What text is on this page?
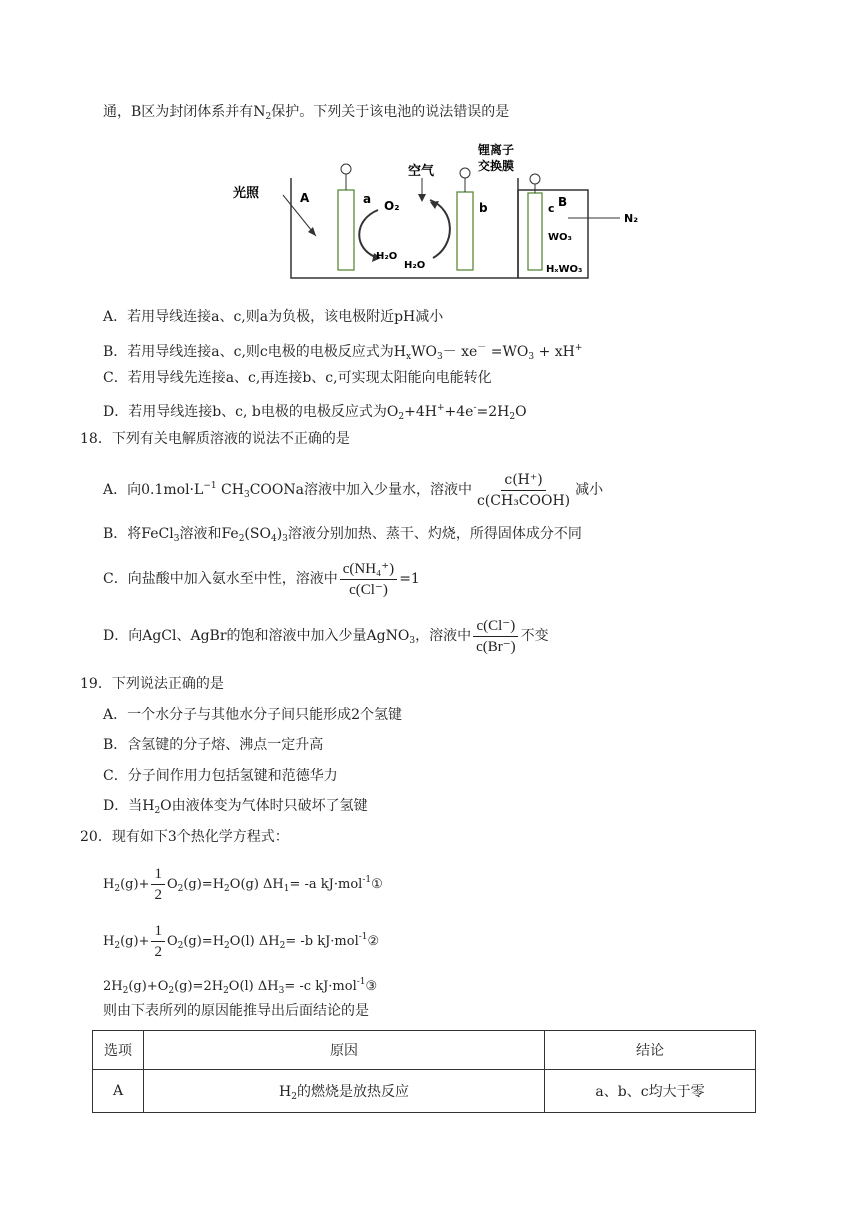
通，B区为封闭体系并有$N_2$保护。下列关于该电池的说法错误的是
光照
空气
锂离子
交换膜
A	B
a O₂	b	c
H₂O
H₂O
WO₃
HₓWO₃
N₂
A．若用导线连接a、c,则a为负极，该电极附近pH减小
B．若用导线连接a、c,则c电极的电极反应式为$H_xWO_3- xe^- =WO_3 + xH^+$
C．若用导线先连接a、c,再连接b、c,可实现太阳能向电能转化
D．若用导线连接b、c, b电极的电极反应式为$O_2+4H^++4e^-=2H_2O$
18．下列有关电解质溶液的说法不正确的是
A．向$0.1mol\cdot L^{-1}$ $CH_3COONa$溶液中加入少量水，溶液中 $\frac{c(H^+)}{\text{c(CH₃COOH)}}$ 减小
B．将FeCl$_3$溶液和$Fe_2(SO_4)_3$溶液分别加热、蒸干、灼烧，所得固体成分不同
C．向盐酸中加入氨水至中性，溶液中 $\frac{\text{c(NH₄⁺)}}{c(Cl^-)} =1$
D．向AgCl、AgBr的饱和溶液中加入少量AgNO$_3$，溶液中 $\frac{c(Cl^-)}{c(Br^-)}$ 不变
19．下列说法正确的是
A．一个水分子与其他水分子间只能形成2个氢键
B．含氢键的分子熔、沸点一定升高
C．分子间作用力包括氢键和范德华力
D．当$H_2O$由液体变为气体时只破坏了氢键
20．现有如下3个热化学方程式：
$H_2(g)+ \frac{1}{2} O_2(g)=H_2O(g)$ $\Delta H_1= -a$ kJ·mol$^{-1}$①
$H_2(g)+ \frac{1}{2} O_2(g)=H_2O(l)$ $\Delta H_2= -b$ kJ·mol$^{-1}$②
$2H_2(g)+O_2(g)=2H_2O(l)$ $\Delta H_3= -c$ kJ·mol$^{-1}$③
则由下表所列的原因能推导出后面结论的是
选项	原因	结论
A	$H_2$的燃烧是放热反应	a、b、c均大于零
